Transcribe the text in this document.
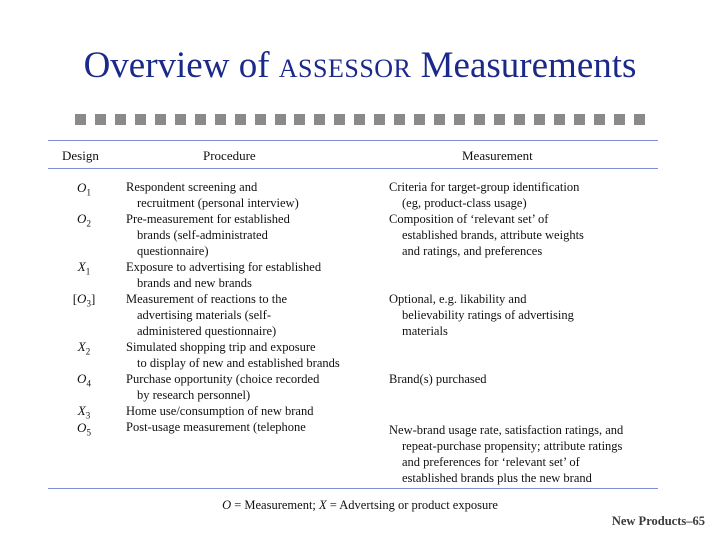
Overview of ASSESSOR Measurements
Design	Procedure	Measurement
$O_1$
$O_2$
$X_1$
$[O_3]$
$X_2$
$O_4$
$X_3$
$O_5$
Respondent screening and
recruitment (personal interview)
Pre-measurement for established
brands (self-administrated
questionnaire)
Exposure to advertising for established
brands and new brands
Measurement of reactions to the
advertising materials (self-
administered questionnaire)
Simulated shopping trip and exposure
to display of new and established brands
Purchase opportunity (choice recorded
by research personnel)
Home use/consumption of new brand
Post-usage measurement (telephone
Criteria for target-group identification
(eg, product-class usage)
Composition of ‘relevant set’ of
established brands, attribute weights
and ratings, and preferences
Optional, e.g. likability and
believability ratings of advertising
materials
Brand(s) purchased
New-brand usage rate, satisfaction ratings, and
repeat-purchase propensity; attribute ratings
and preferences for ‘relevant set’ of
established brands plus the new brand
O = Measurement; X = Advertsing or product exposure
New Products–65
